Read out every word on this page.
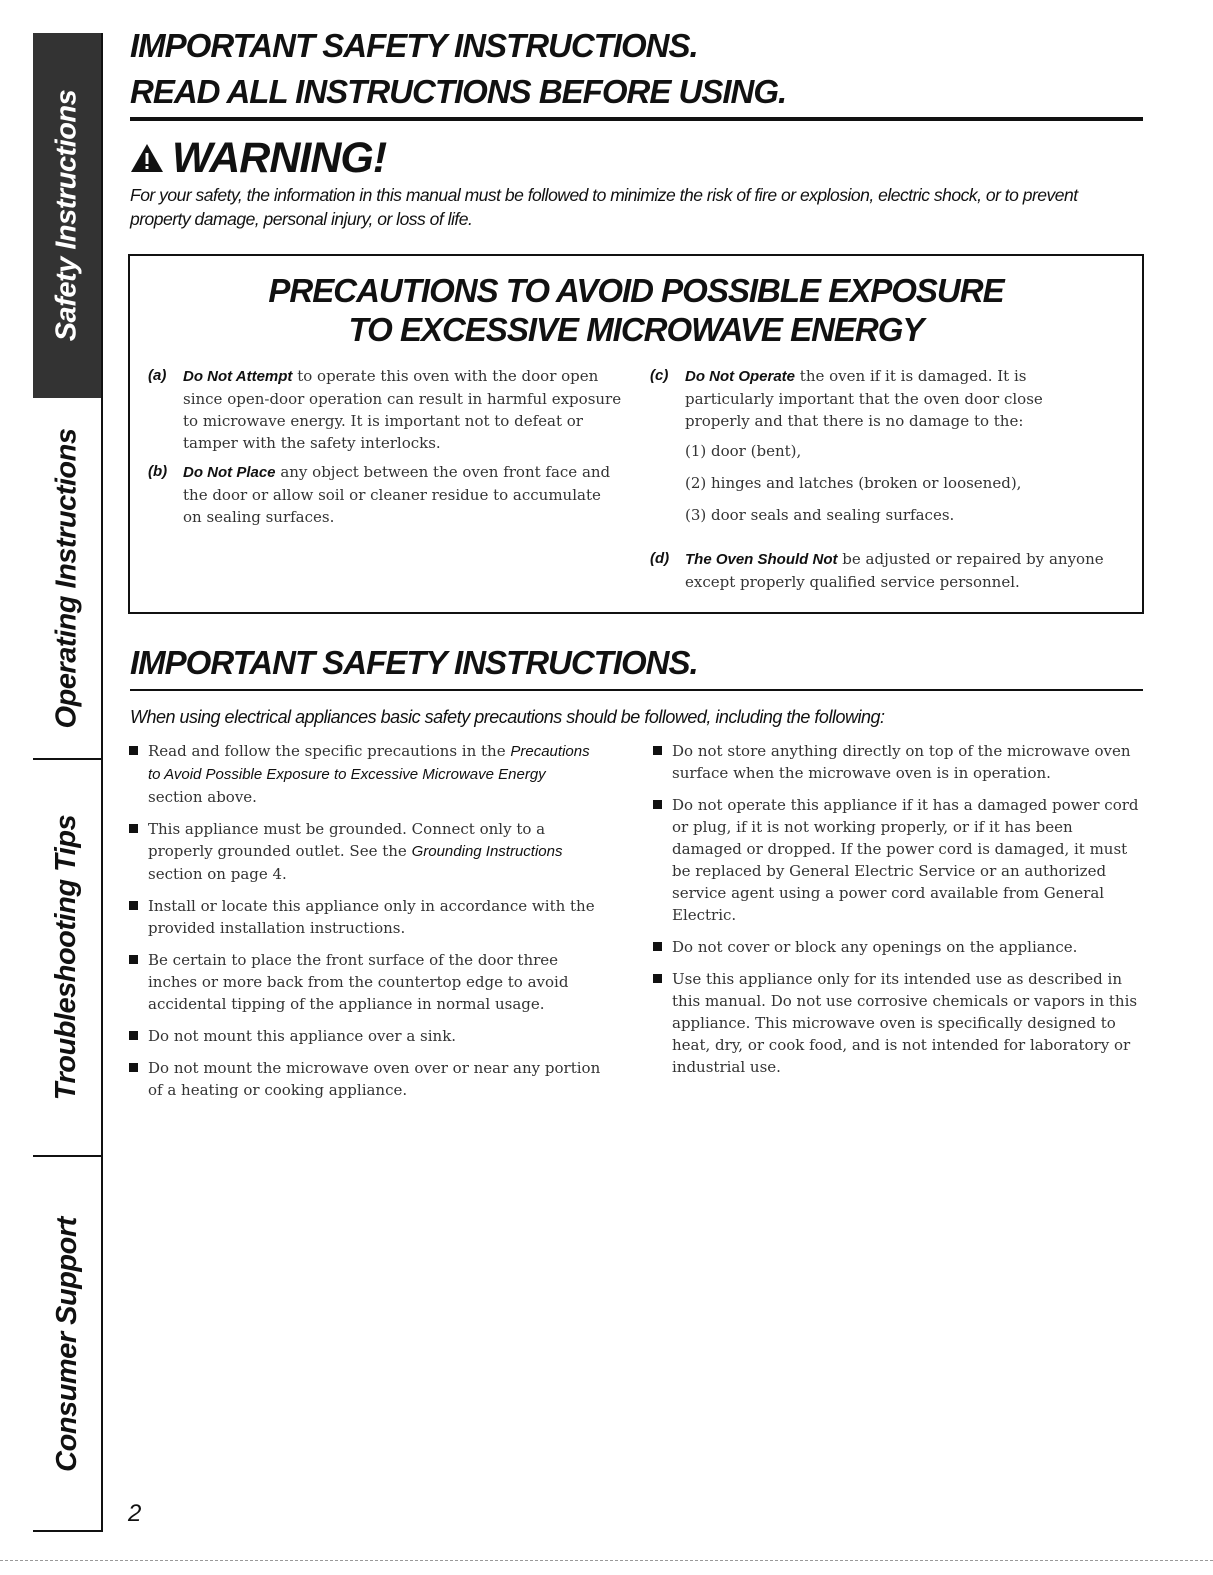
Safety Instructions
Operating Instructions
Troubleshooting Tips
Consumer Support
IMPORTANT SAFETY INSTRUCTIONS.
READ ALL INSTRUCTIONS BEFORE USING.
WARNING!

For your safety, the information in this manual must be followed to minimize the risk of fire or explosion, electric shock, or to prevent property damage, personal injury, or loss of life.

PRECAUTIONS TO AVOID POSSIBLE EXPOSURE
TO EXCESSIVE MICROWAVE ENERGY
(a) Do Not Attempt to operate this oven with the door open since open-door operation can result in harmful exposure to microwave energy. It is important not to defeat or tamper with the safety interlocks.
(b) Do Not Place any object between the oven front face and the door or allow soil or cleaner residue to accumulate on sealing surfaces.
(c) Do Not Operate the oven if it is damaged. It is particularly important that the oven door close properly and that there is no damage to the:
(1) door (bent),
(2) hinges and latches (broken or loosened),
(3) door seals and sealing surfaces.
(d) The Oven Should Not be adjusted or repaired by anyone except properly qualified service personnel.
IMPORTANT SAFETY INSTRUCTIONS.

When using electrical appliances basic safety precautions should be followed, including the following:

Read and follow the specific precautions in the Precautions to Avoid Possible Exposure to Excessive Microwave Energy section above.
This appliance must be grounded. Connect only to a properly grounded outlet. See the Grounding Instructions section on page 4.
Install or locate this appliance only in accordance with the provided installation instructions.
Be certain to place the front surface of the door three inches or more back from the countertop edge to avoid accidental tipping of the appliance in normal usage.
Do not mount this appliance over a sink.
Do not mount the microwave oven over or near any portion of a heating or cooking appliance.
Do not store anything directly on top of the microwave oven surface when the microwave oven is in operation.
Do not operate this appliance if it has a damaged power cord or plug, if it is not working properly, or if it has been damaged or dropped. If the power cord is damaged, it must be replaced by General Electric Service or an authorized service agent using a power cord available from General Electric.
Do not cover or block any openings on the appliance.
Use this appliance only for its intended use as described in this manual. Do not use corrosive chemicals or vapors in this appliance. This microwave oven is specifically designed to heat, dry, or cook food, and is not intended for laboratory or industrial use.
2
